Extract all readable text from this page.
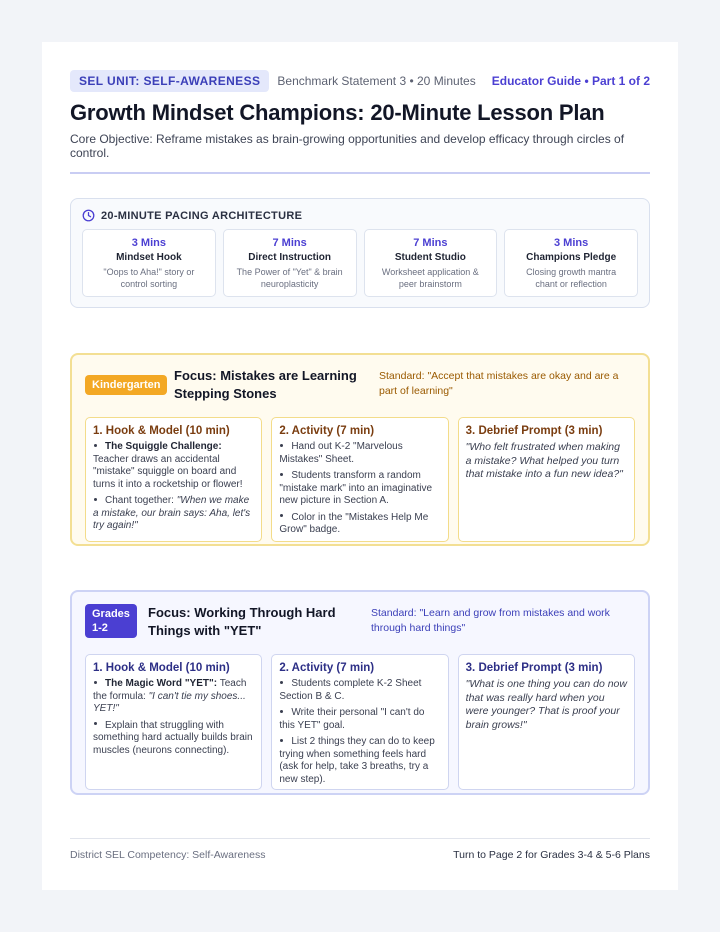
SEL UNIT: SELF-AWARENESS	Benchmark Statement 3 • 20 Minutes Educator Guide • Part 1 of 2
Growth Mindset Champions: 20-Minute Lesson Plan
Core Objective: Reframe mistakes as brain-growing opportunities and develop efficacy through circles of control.
20-MINUTE PACING ARCHITECTURE
3 Mins
Mindset Hook
"Oops to Aha!" story or control sorting
7 Mins
Direct Instruction
The Power of "Yet" & brain neuroplasticity
7 Mins
Student Studio
Worksheet application & peer brainstorm
3 Mins
Champions Pledge
Closing growth mantra chant or reflection
Kindergarten
Focus: Mistakes are Learning Stepping Stones
Standard: "Accept that mistakes are okay and are a part of learning"
1. Hook & Model (10 min)
The Squiggle Challenge: Teacher draws an accidental "mistake" squiggle on board and turns it into a rocketship or flower!
Chant together: "When we make a mistake, our brain says: Aha, let's try again!"
2. Activity (7 min)
Hand out K-2 "Marvelous Mistakes" Sheet.
Students transform a random "mistake mark" into an imaginative new picture in Section A.
Color in the "Mistakes Help Me Grow" badge.
3. Debrief Prompt (3 min)
"Who felt frustrated when making a mistake? What helped you turn that mistake into a fun new idea?"
Grades
1-2
Focus: Working Through Hard Things with "YET"
Standard: "Learn and grow from mistakes and work through hard things"
1. Hook & Model (10 min)
The Magic Word "YET": Teach the formula: "I can't tie my shoes... YET!"
Explain that struggling with something hard actually builds brain muscles (neurons connecting).
2. Activity (7 min)
Students complete K-2 Sheet Section B & C.
Write their personal "I can't do this YET" goal.
List 2 things they can do to keep trying when something feels hard (ask for help, take 3 breaths, try a new step).
3. Debrief Prompt (3 min)
"What is one thing you can do now that was really hard when you were younger? That is proof your brain grows!"
District SEL Competency: Self-Awareness	Turn to Page 2 for Grades 3-4 & 5-6 Plans
